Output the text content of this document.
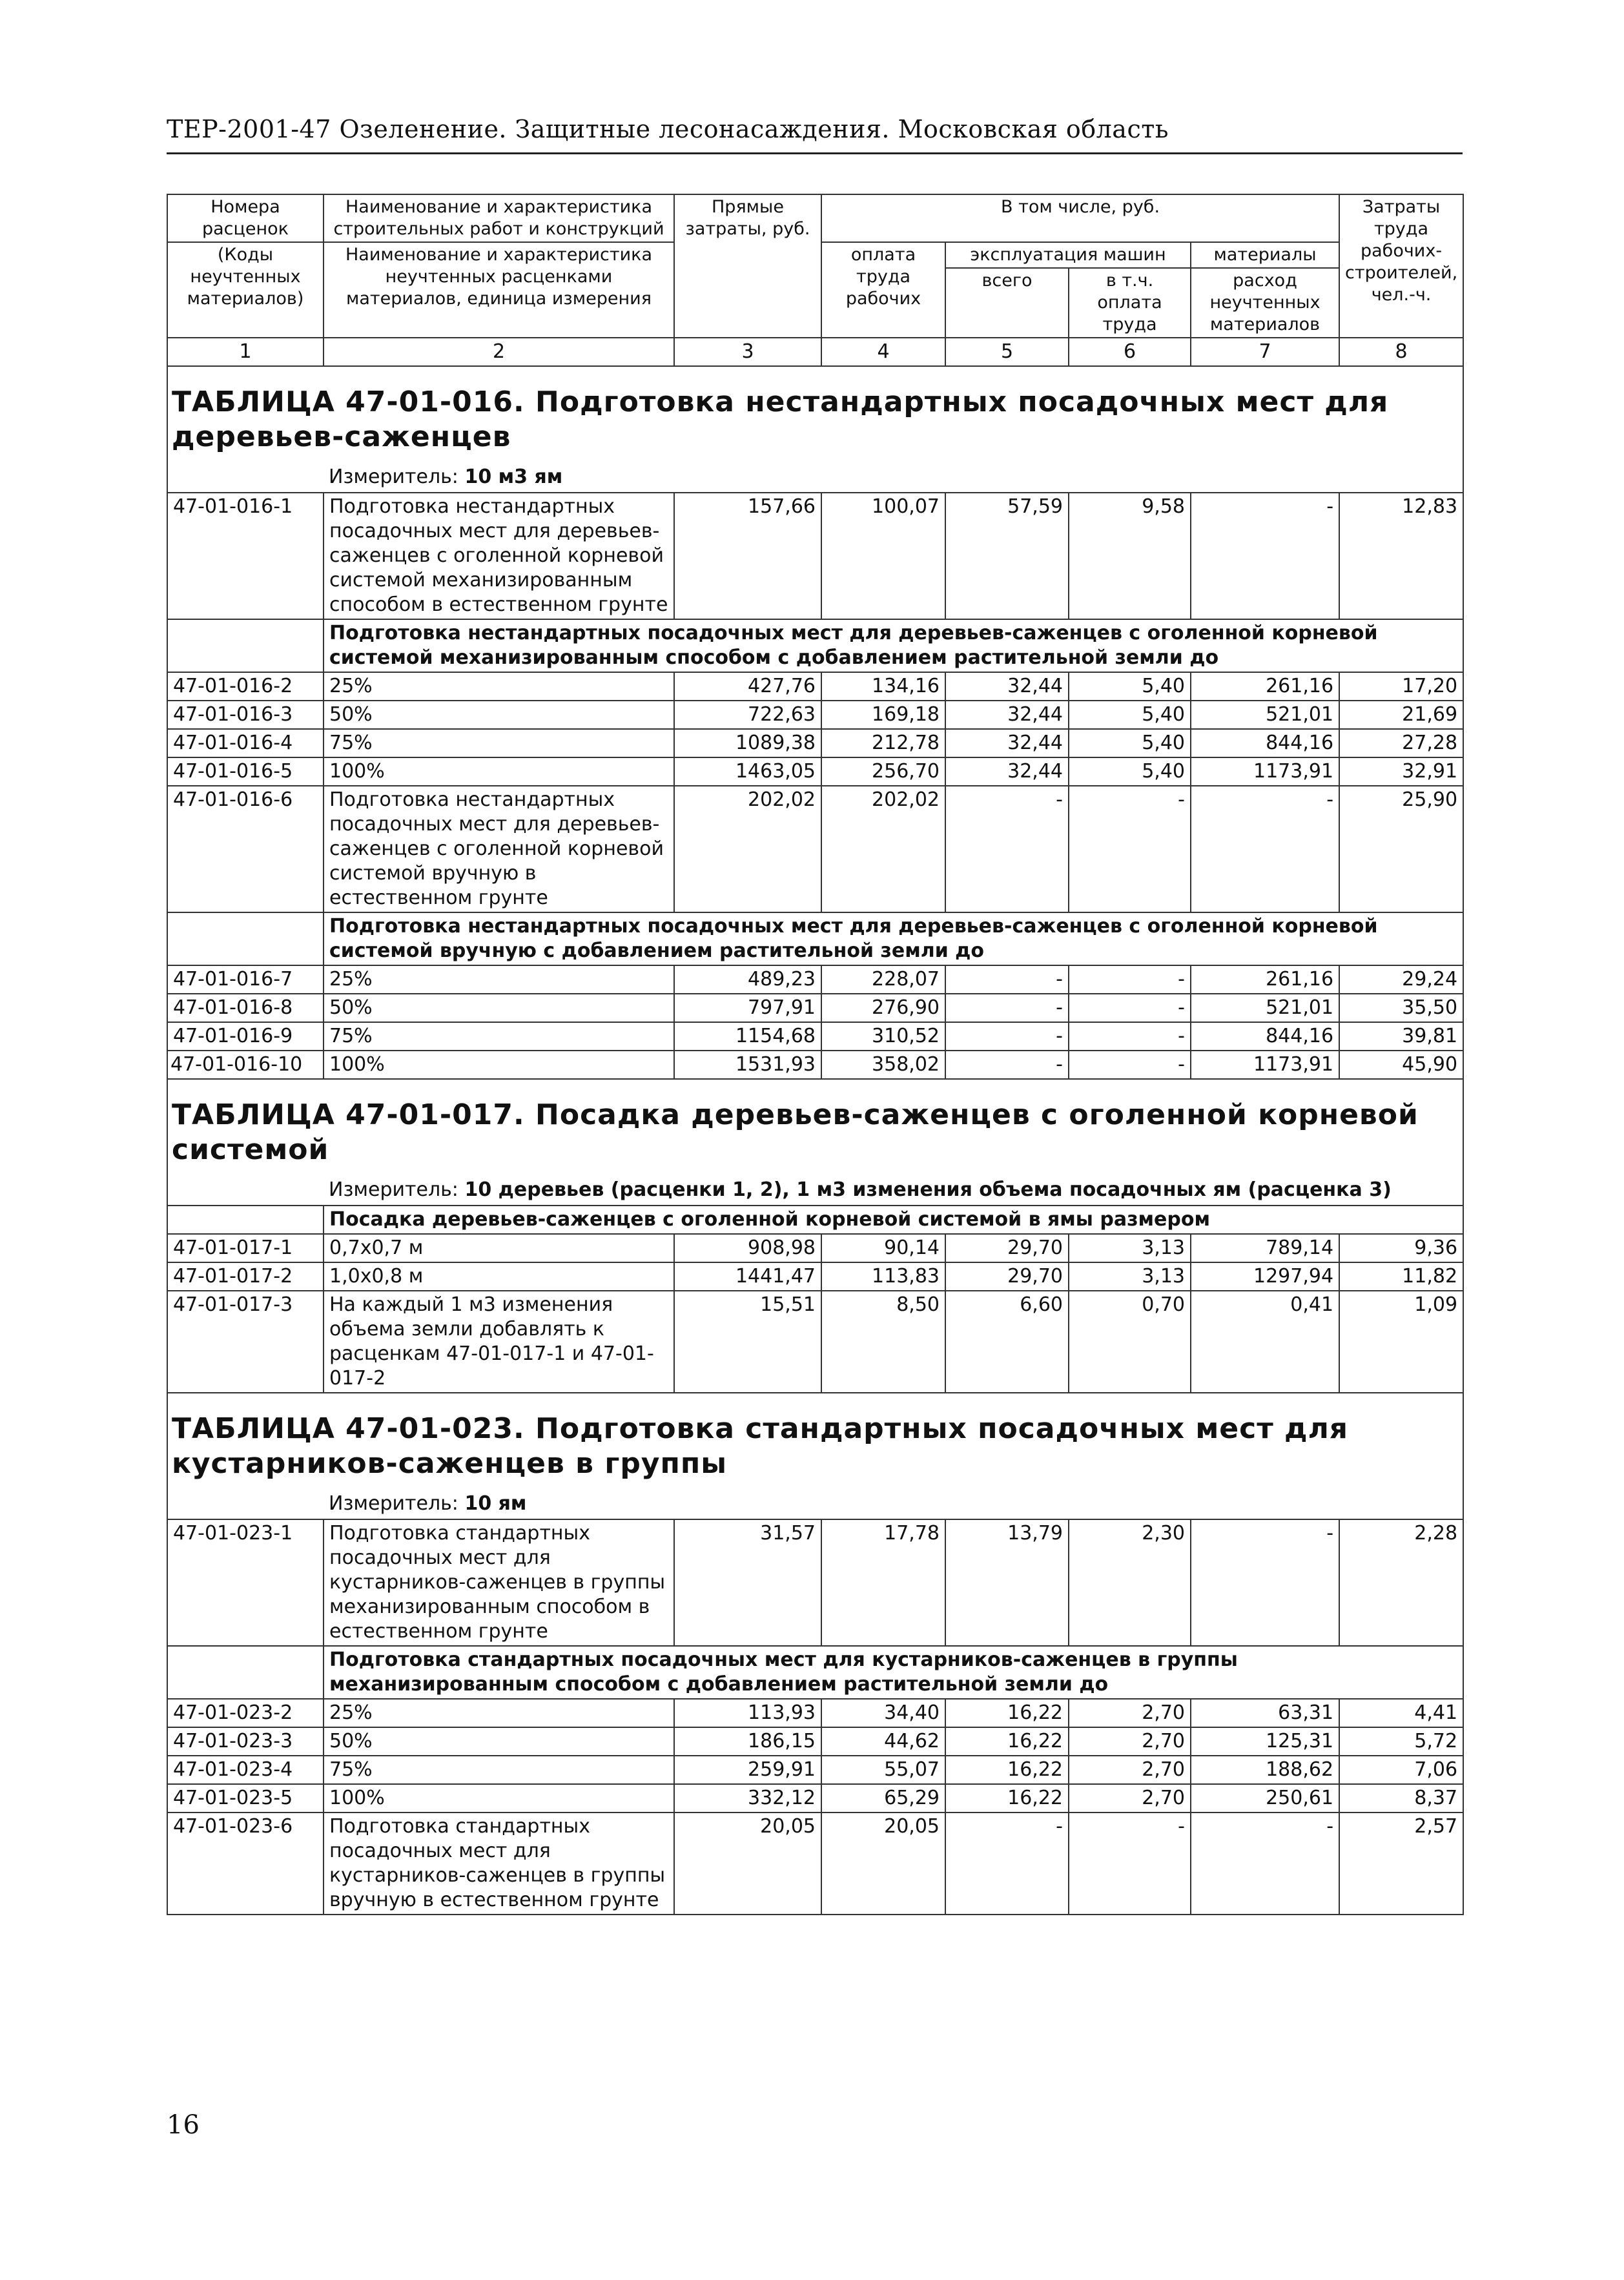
ТЕР-2001-47 Озеленение. Защитные лесонасаждения. Московская область
Номера расценок	Наименование и характеристика строительных работ и конструкций	Прямые затраты, руб.	В том числе, руб.				Затраты труда рабочих-строителей, чел.-ч.
(Коды неучтенных материалов)	Наименование и характеристика неучтенных расценками материалов, единица измерения		оплата труда рабочих	эксплуатация машин		материалы	
				всего	в т.ч. оплата труда	расход неучтенных материалов	

1	2	3	4	5	6	7	8

ТАБЛИЦА 47-01-016. Подготовка нестандартных посадочных мест для деревьев-саженцев							

Измеритель: 10 м3 ям							

47-01-016-1	Подготовка нестандартных посадочных мест для деревьев-саженцев с оголенной корневой системой механизированным способом в естественном грунте	157,66	100,07	57,59	9,58	-	12,83
	Подготовка нестандартных посадочных мест для деревьев-саженцев с оголенной корневой системой механизированным способом с добавлением растительной земли до						
47-01-016-2	25%	427,76	134,16	32,44	5,40	261,16	17,20
47-01-016-3	50%	722,63	169,18	32,44	5,40	521,01	21,69
47-01-016-4	75%	1089,38	212,78	32,44	5,40	844,16	27,28
47-01-016-5	100%	1463,05	256,70	32,44	5,40	1173,91	32,91
47-01-016-6	Подготовка нестандартных посадочных мест для деревьев-саженцев с оголенной корневой системой вручную в естественном грунте	202,02	202,02	-	-	-	25,90
	Подготовка нестандартных посадочных мест для деревьев-саженцев с оголенной корневой системой вручную с добавлением растительной земли до						
47-01-016-7	25%	489,23	228,07	-	-	261,16	29,24
47-01-016-8	50%	797,91	276,90	-	-	521,01	35,50
47-01-016-9	75%	1154,68	310,52	-	-	844,16	39,81
47-01-016-10	100%	1531,93	358,02	-	-	1173,91	45,90

ТАБЛИЦА 47-01-017. Посадка деревьев-саженцев с оголенной корневой системой							

Измеритель: 10 деревьев (расценки 1, 2), 1 м3 изменения объема посадочных ям (расценка 3)							

	Посадка деревьев-саженцев с оголенной корневой системой в ямы размером						
47-01-017-1	0,7х0,7 м	908,98	90,14	29,70	3,13	789,14	9,36
47-01-017-2	1,0х0,8 м	1441,47	113,83	29,70	3,13	1297,94	11,82
47-01-017-3	На каждый 1 м3 изменения объема земли добавлять к расценкам 47-01-017-1 и 47-01-017-2	15,51	8,50	6,60	0,70	0,41	1,09

ТАБЛИЦА 47-01-023. Подготовка стандартных посадочных мест для кустарников-саженцев в группы							

Измеритель: 10 ям							

47-01-023-1	Подготовка стандартных посадочных мест для кустарников-саженцев в группы механизированным способом в естественном грунте	31,57	17,78	13,79	2,30	-	2,28
	Подготовка стандартных посадочных мест для кустарников-саженцев в группы механизированным способом с добавлением растительной земли до						
47-01-023-2	25%	113,93	34,40	16,22	2,70	63,31	4,41
47-01-023-3	50%	186,15	44,62	16,22	2,70	125,31	5,72
47-01-023-4	75%	259,91	55,07	16,22	2,70	188,62	7,06
47-01-023-5	100%	332,12	65,29	16,22	2,70	250,61	8,37
47-01-023-6	Подготовка стандартных посадочных мест для кустарников-саженцев в группы вручную в естественном грунте	20,05	20,05	-	-	-	2,57
16
